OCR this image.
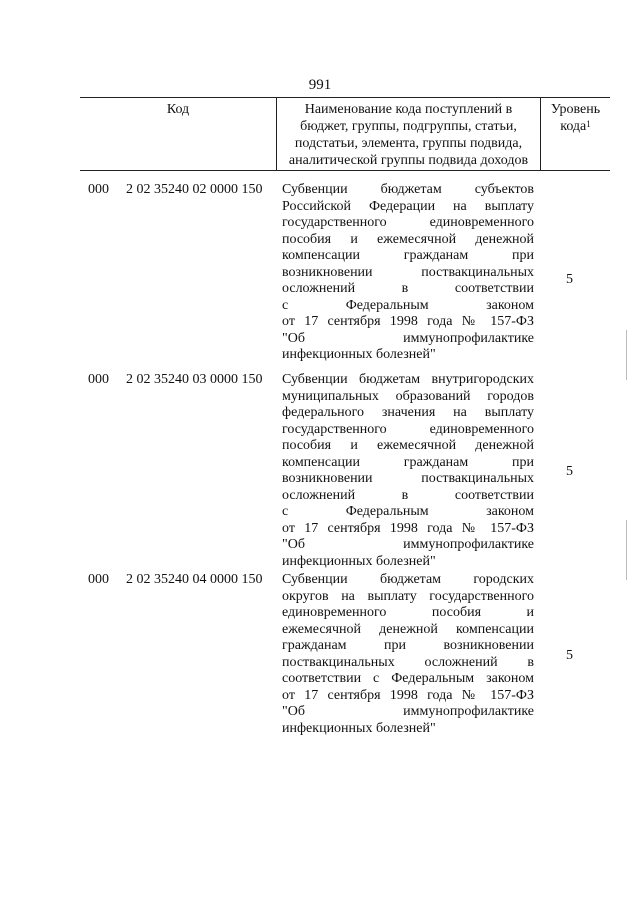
991
Код	Наименование кода поступлений в
бюджет, группы, подгруппы, статьи,
подстатьи, элемента, группы подвида,
аналитической группы подвида доходов
Уровень
кода$^1$
000 2 02 35240 02 0000 150 Субвенции бюджетам субъектов
Российской Федерации на выплату
государственного единовременного
пособия и ежемесячной денежной
компенсации гражданам при
возникновении поствакцинальных
осложнений в соответствии
с Федеральным законом
от 17 сентября 1998 года № 157-ФЗ
"Об иммунопрофилактике
инфекционных болезней"
5
000 2 02 35240 03 0000 150 Субвенции бюджетам внутригородских
муниципальных образований городов
федерального значения на выплату
государственного единовременного
пособия и ежемесячной денежной
компенсации гражданам при
возникновении поствакцинальных
осложнений в соответствии
с Федеральным законом
от 17 сентября 1998 года № 157-ФЗ
"Об иммунопрофилактике
инфекционных болезней"
5
000 2 02 35240 04 0000 150 Субвенции бюджетам городских
округов на выплату государственного
единовременного пособия и
ежемесячной денежной компенсации
гражданам при возникновении
поствакцинальных осложнений в
соответствии с Федеральным законом
от 17 сентября 1998 года № 157-ФЗ
"Об иммунопрофилактике
инфекционных болезней"
5
